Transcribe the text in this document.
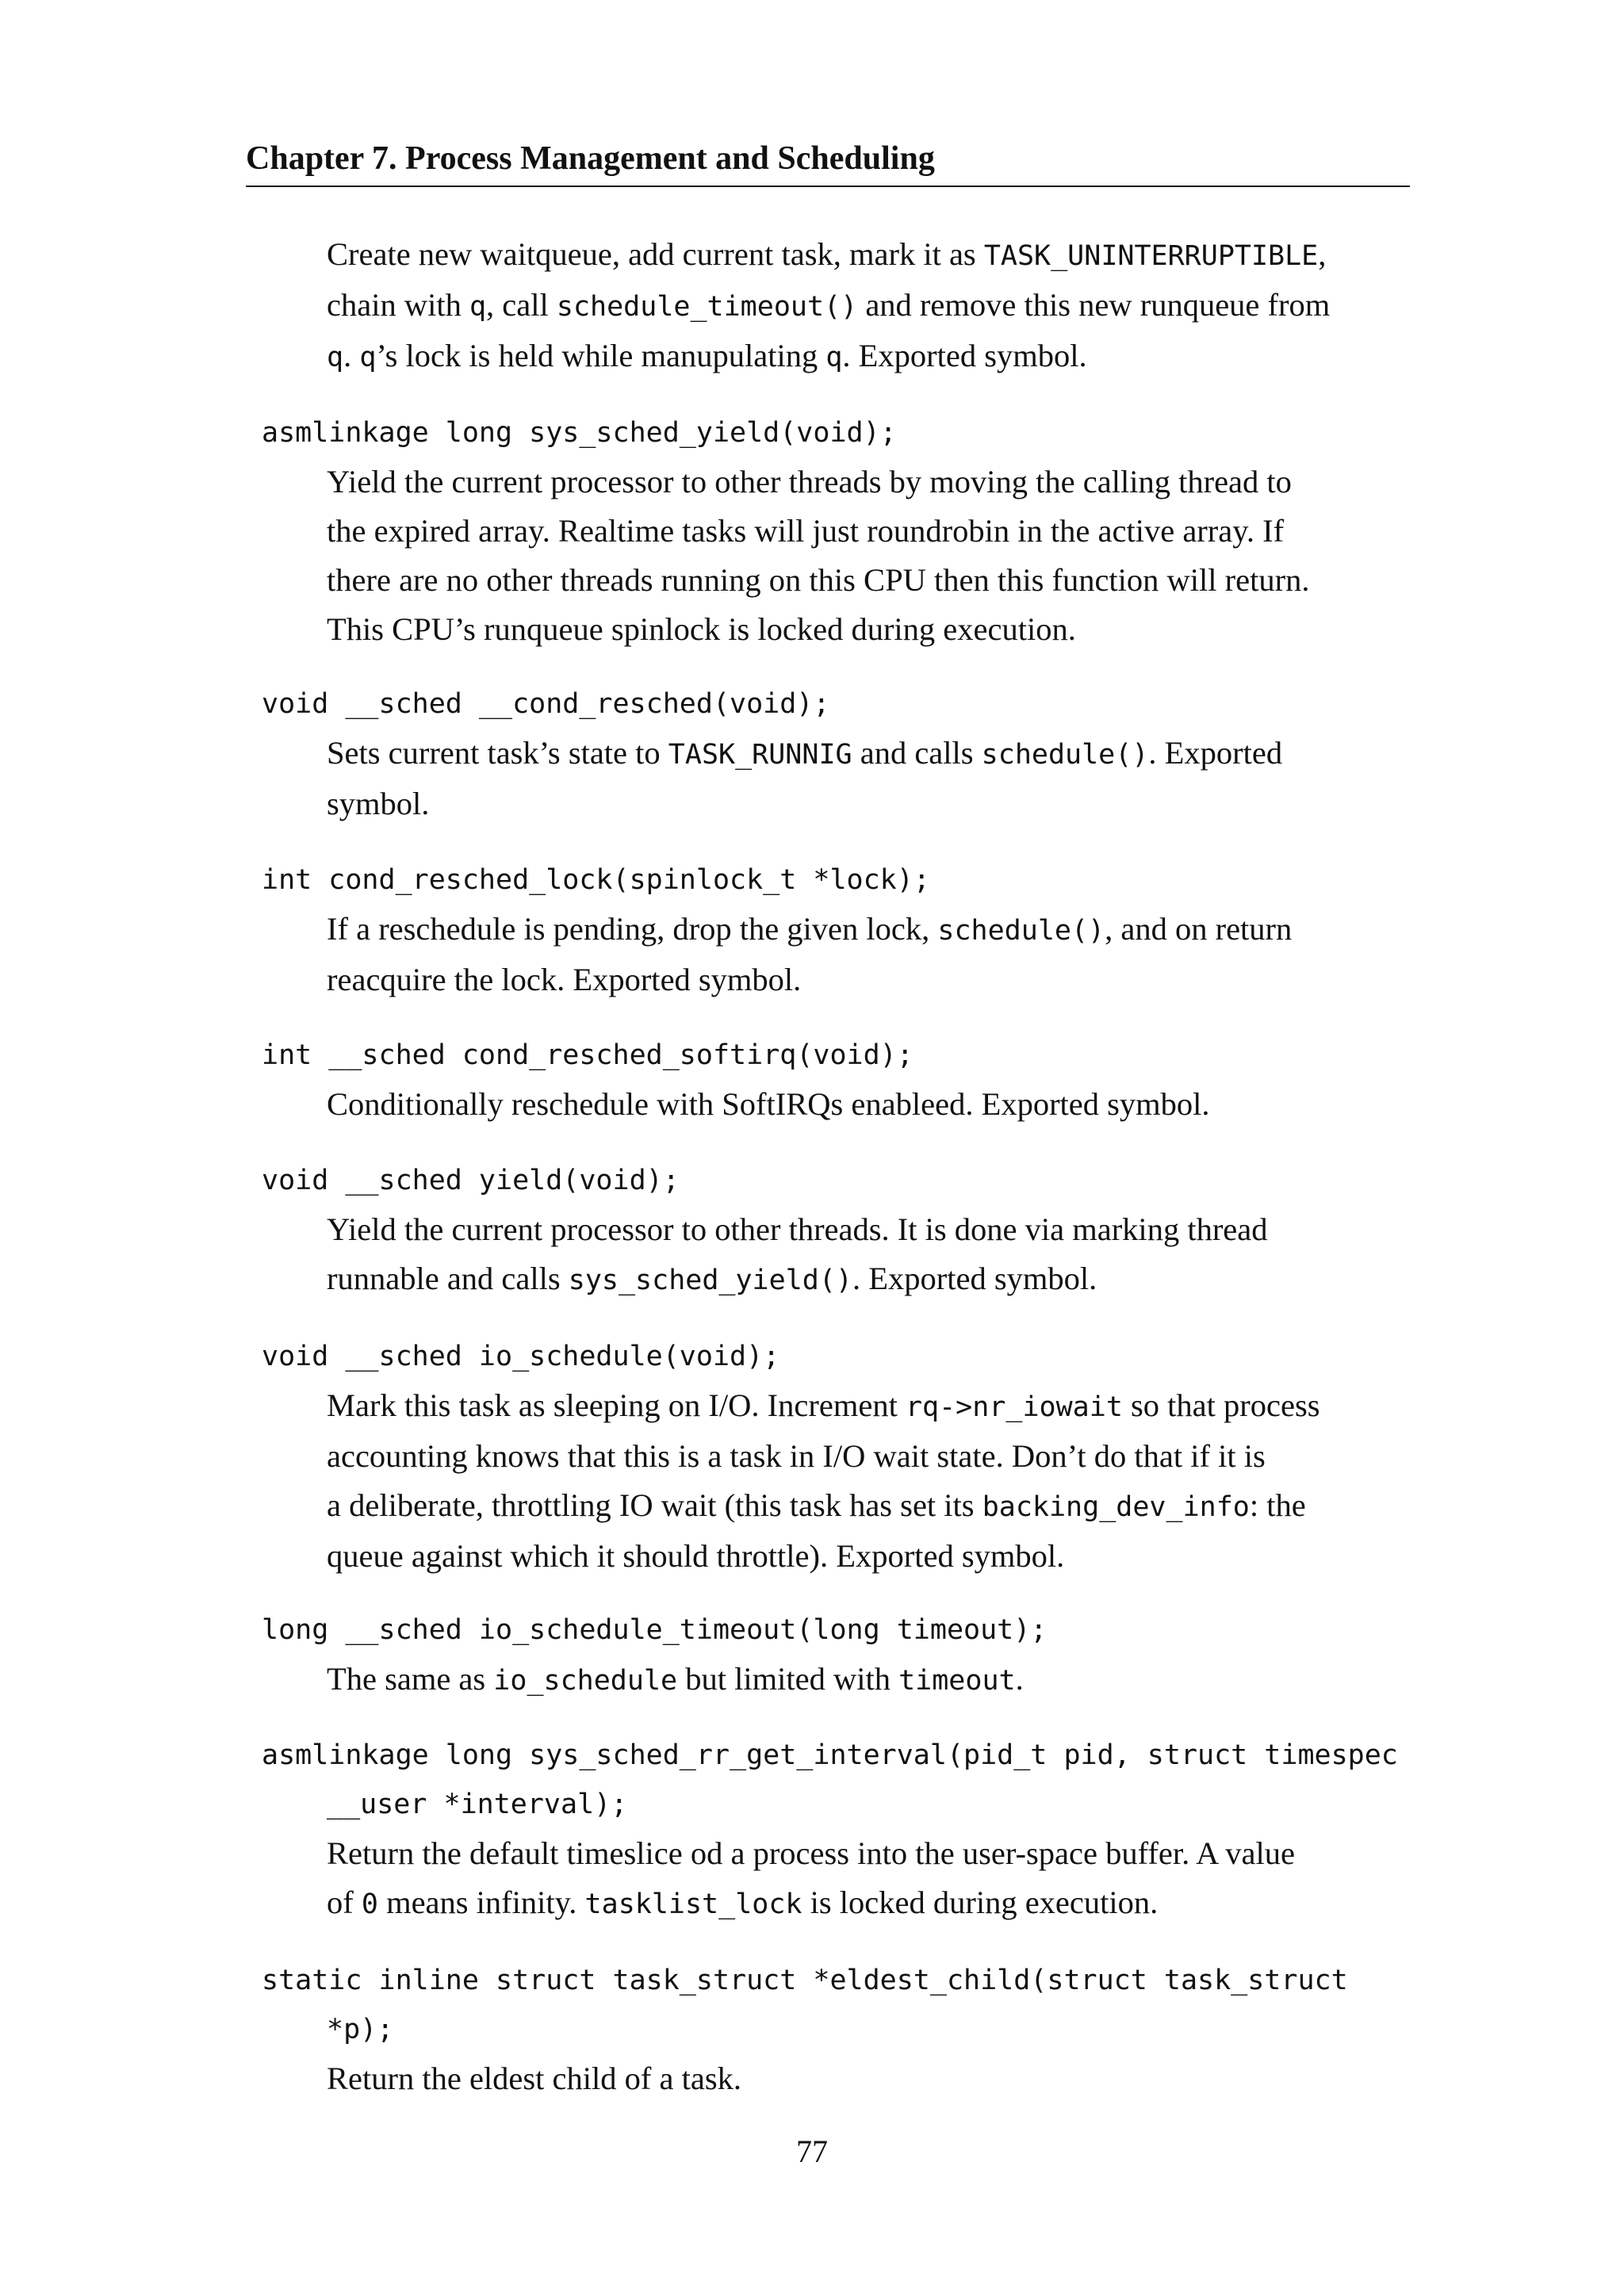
Chapter 7. Process Management and Scheduling
Create new waitqueue, add current task, mark it as TASK_UNINTERRUPTIBLE,
chain with q, call schedule_timeout() and remove this new runqueue from
q. q’s lock is held while manupulating q. Exported symbol.
asmlinkage long sys_sched_yield(void);
Yield the current processor to other threads by moving the calling thread to
the expired array. Realtime tasks will just roundrobin in the active array. If
there are no other threads running on this CPU then this function will return.
This CPU’s runqueue spinlock is locked during execution.
void __sched __cond_resched(void);
Sets current task’s state to TASK_RUNNIG and calls schedule(). Exported
symbol.
int cond_resched_lock(spinlock_t *lock);
If a reschedule is pending, drop the given lock, schedule(), and on return
reacquire the lock. Exported symbol.
int __sched cond_resched_softirq(void);
Conditionally reschedule with SoftIRQs enableed. Exported symbol.
void __sched yield(void);
Yield the current processor to other threads. It is done via marking thread
runnable and calls sys_sched_yield(). Exported symbol.
void __sched io_schedule(void);
Mark this task as sleeping on I/O. Increment rq->nr_iowait so that process
accounting knows that this is a task in I/O wait state. Don’t do that if it is
a deliberate, throttling IO wait (this task has set its backing_dev_info: the
queue against which it should throttle). Exported symbol.
long __sched io_schedule_timeout(long timeout);
The same as io_schedule but limited with timeout.
asmlinkage long sys_sched_rr_get_interval(pid_t pid, struct timespec
__user *interval);
Return the default timeslice od a process into the user-space buffer. A value
of 0 means infinity. tasklist_lock is locked during execution.
static inline struct task_struct *eldest_child(struct task_struct
*p);
Return the eldest child of a task.
77
